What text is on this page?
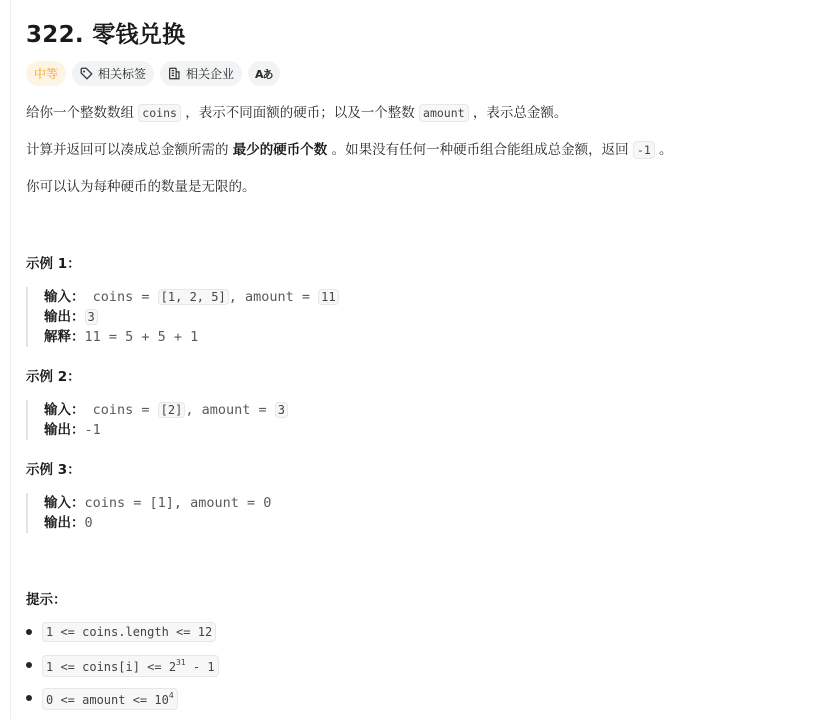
322. 零钱兑换
中等	相关标签	相关企业 Aあ

给你一个整数数组 coins ，表示不同面额的硬币；以及一个整数 amount ，表示总金额。

计算并返回可以凑成总金额所需的 最少的硬币个数 。如果没有任何一种硬币组合能组成总金额，返回 -1 。

你可以认为每种硬币的数量是无限的。

示例 1：
输入： coins = [1, 2, 5] , amount = 11
输出： 3
解释：11 = 5 + 5 + 1
示例 2：
输入： coins = [2] , amount = 3
输出：-1
示例 3：
输入：coins = [1], amount = 0
输出：0
提示：
1 <= coins.length <= 12
1 <= coins[i] <= $2^{31} - 1$
0 <= amount <= $10^4$
